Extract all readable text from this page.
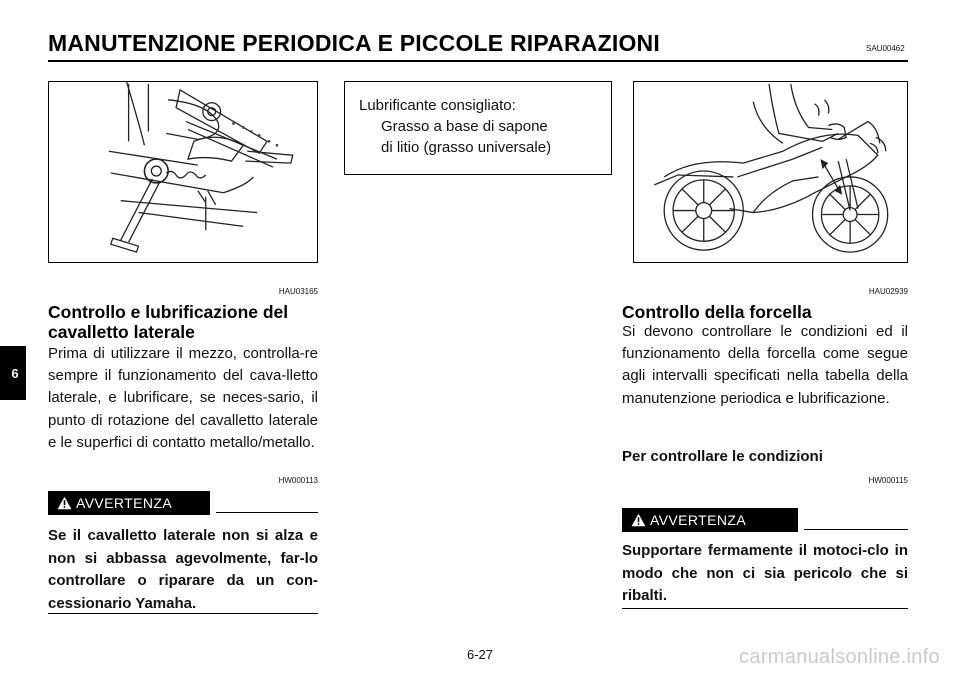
MANUTENZIONE PERIODICA E PICCOLE RIPARAZIONI	SAU00462
6
HAU03165
Controllo e lubrificazione del
cavalletto laterale
Prima di utilizzare il mezzo, controlla-re sempre il funzionamento del cava-lletto laterale, e lubrificare, se neces-sario, il punto di rotazione del cavalletto laterale e le superfici di contatto metallo/metallo.
HW000113
AVVERTENZA
Se il cavalletto laterale non si alza e non si abbassa agevolmente, far-lo controllare o riparare da un con-cessionario Yamaha.
Lubrificante consigliato:
Grasso a base di sapone
di litio (grasso universale)
HAU02939
Controllo della forcella
Si devono controllare le condizioni ed il funzionamento della forcella come segue agli intervalli specificati nella tabella della manutenzione periodica e lubrificazione.
Per controllare le condizioni
HW000115
AVVERTENZA
Supportare fermamente il motoci-clo in modo che non ci sia pericolo che si ribalti.
6-27	carmanualsonline.info
